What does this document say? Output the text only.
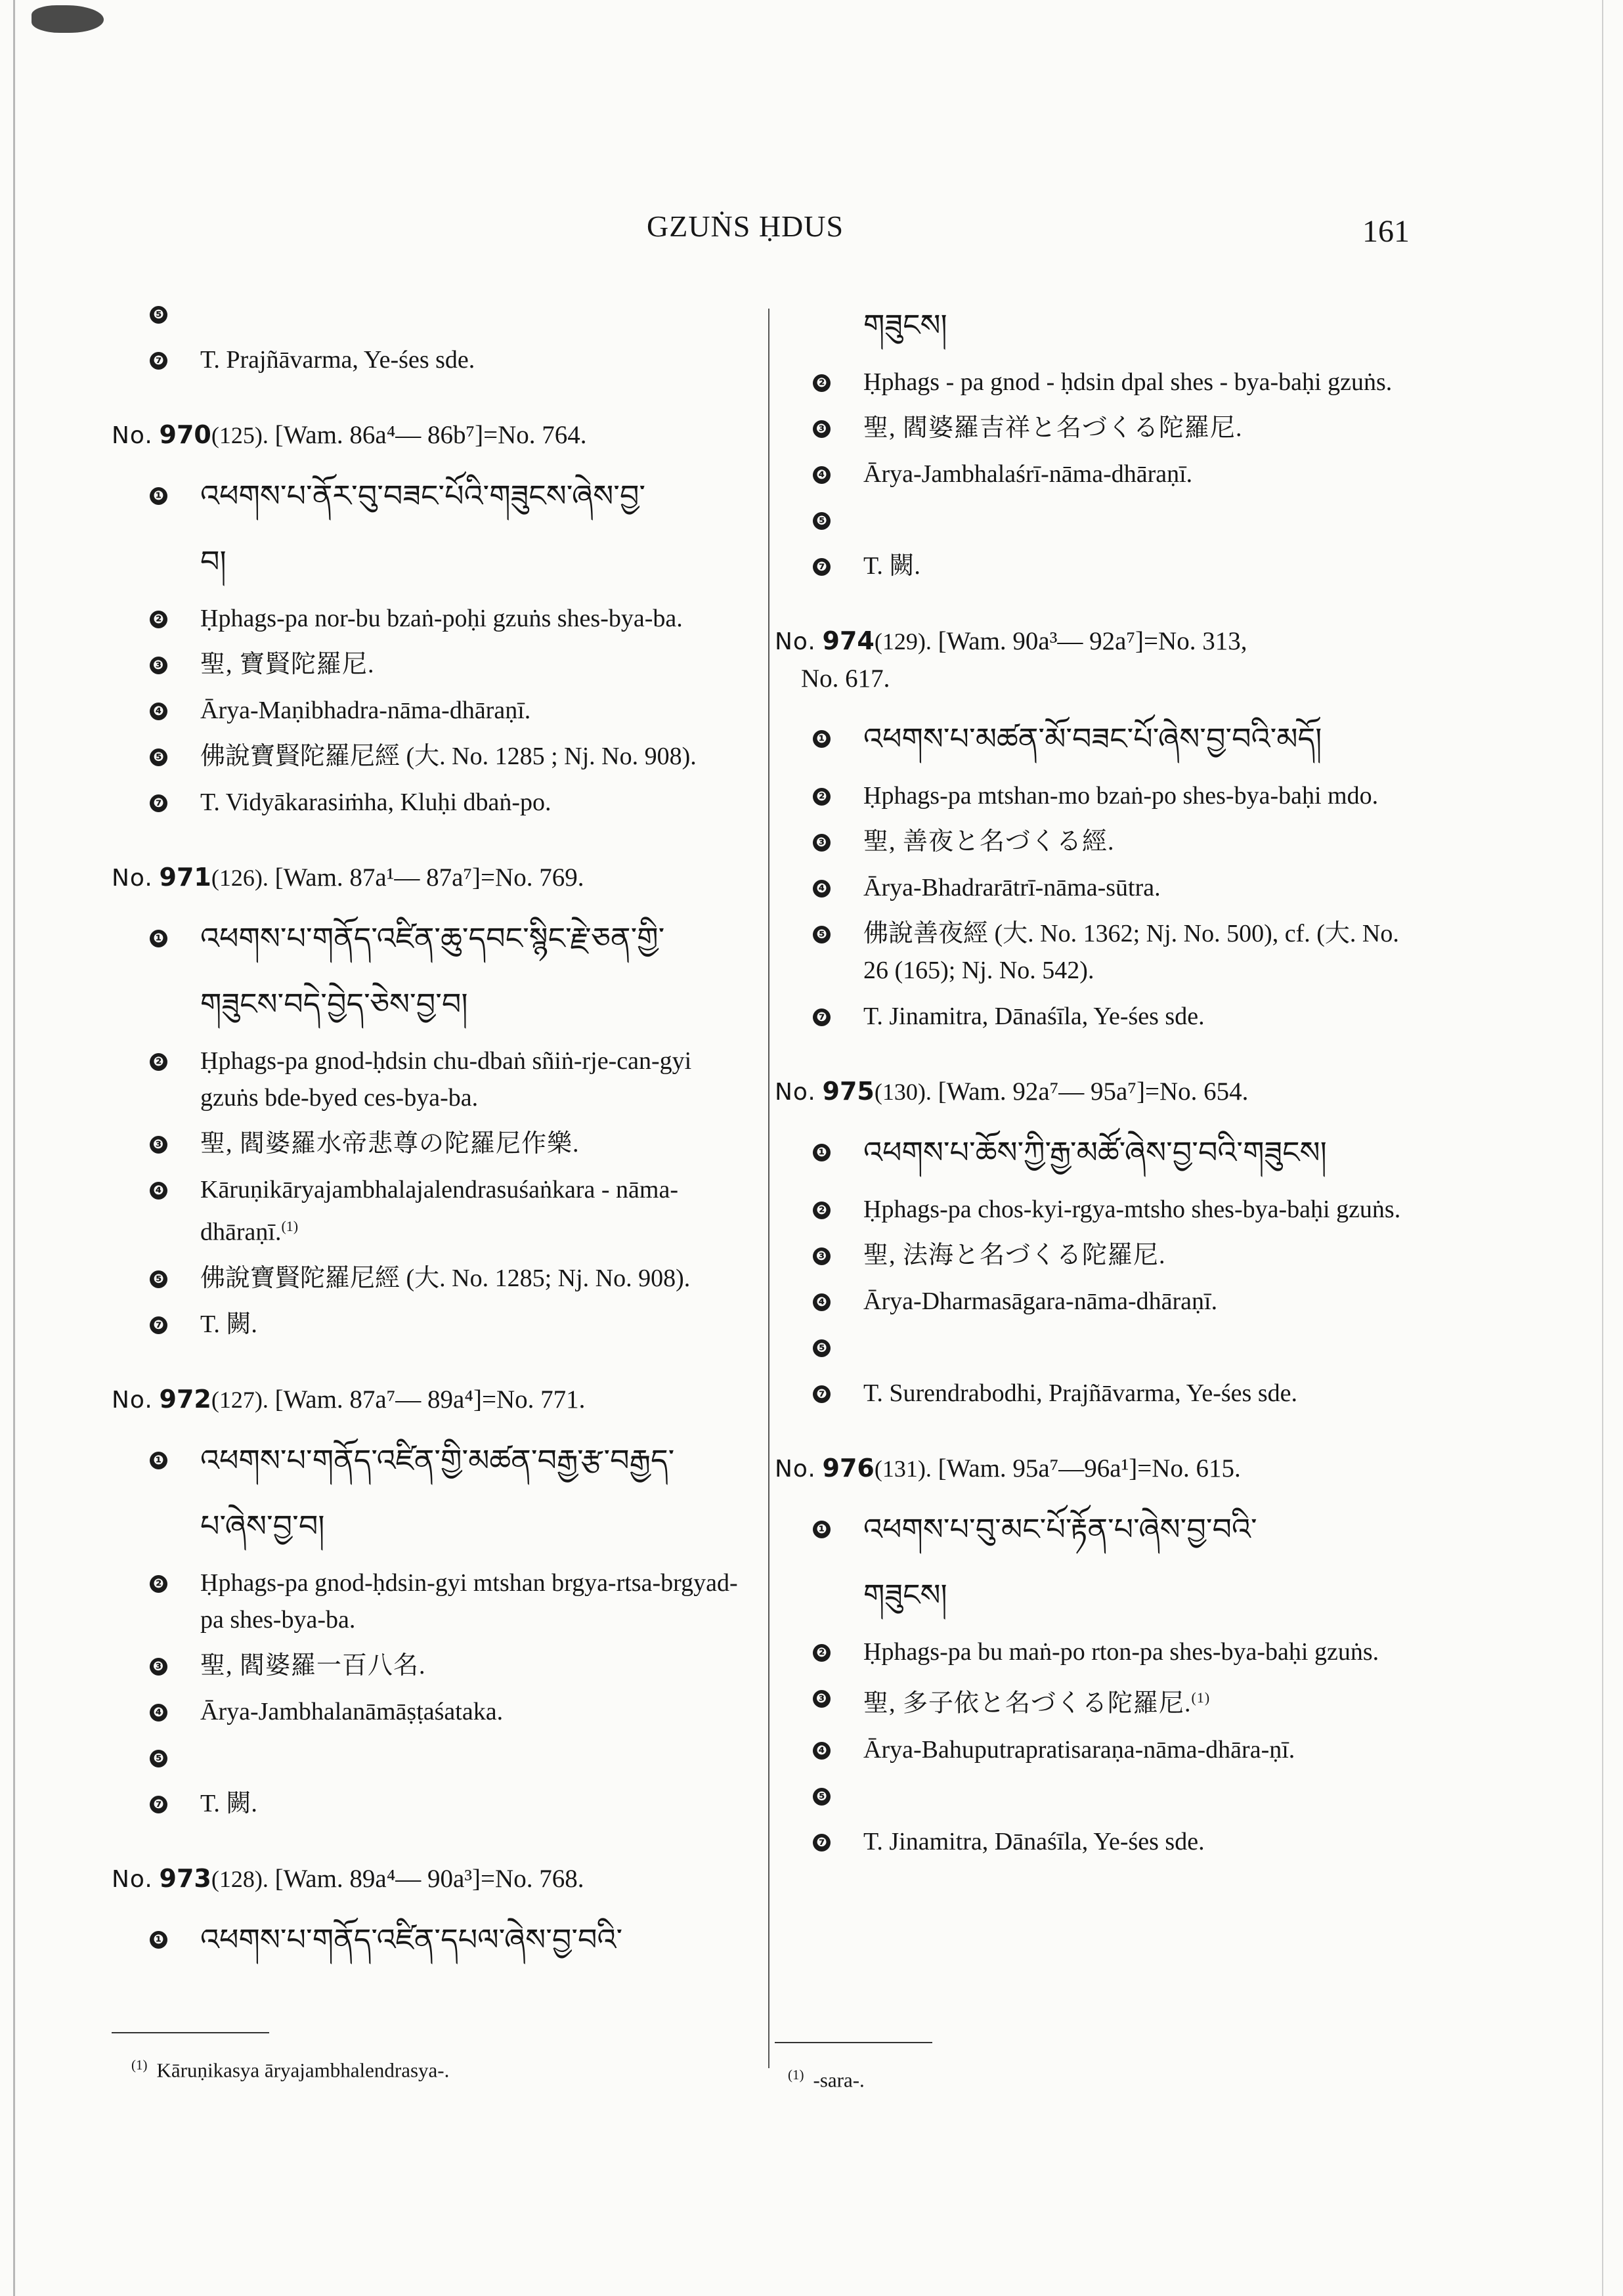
GZUṄS ḤDUS	161
❺

❼ T. Prajñāvarma, Ye-śes sde.
No. 970(125). [Wam. 86a⁴— 86b⁷]=No. 764.
❶ འཕགས་པ་ནོར་བུ་བཟང་པོའི་གཟུངས་ཞེས་བྱ་
བ།
❷ Ḥphags-pa nor-bu bzaṅ-poḥi gzuṅs shes-bya-ba.
❸ 聖, 寶賢陀羅尼.
❹ Ārya-Maṇibhadra-nāma-dhāraṇī.
❺ 佛說寶賢陀羅尼經 (大. No. 1285 ; Nj. No. 908).
❼ T. Vidyākarasiṁha, Kluḥi dbaṅ-po.
No. 971(126). [Wam. 87a¹— 87a⁷]=No. 769.
❶ འཕགས་པ་གནོད་འཛིན་ཆུ་དབང་སྙིང་རྗེ་ཅན་གྱི་
གཟུངས་བདེ་བྱེད་ཅེས་བྱ་བ།
❷ Ḥphags-pa gnod-ḥdsin chu-dbaṅ sñiṅ-rje-can-gyi gzuṅs bde-byed ces-bya-ba.
❸ 聖, 閻婆羅水帝悲尊の陀羅尼作樂.
❹ Kāruṇikāryajambhalajalendrasuśaṅkara - nāma-dhāraṇī.$^{(1)}$
❺ 佛說寶賢陀羅尼經 (大. No. 1285; Nj. No. 908).
❼ T. 闕.
No. 972(127). [Wam. 87a⁷— 89a⁴]=No. 771.
❶ འཕགས་པ་གནོད་འཛིན་གྱི་མཚན་བརྒྱ་རྩ་བརྒྱད་
པ་ཞེས་བྱ་བ།
❷ Ḥphags-pa gnod-ḥdsin-gyi mtshan brgya-rtsa-brgyad-pa shes-bya-ba.
❸ 聖, 閻婆羅一百八名.
❹ Ārya-Jambhalanāmāṣṭaśataka.
❺

❼ T. 闕.
No. 973(128). [Wam. 89a⁴— 90a³]=No. 768.
❶ འཕགས་པ་གནོད་འཛིན་དཔལ་ཞེས་བྱ་བའི་
$^{(1)}$ Kāruṇikasya āryajambhalendrasya-.
གཟུངས།
❷ Ḥphags - pa gnod - ḥdsin dpal shes - bya-baḥi gzuṅs.
❸ 聖, 閻婆羅吉祥と名づくる陀羅尼.
❹ Ārya-Jambhalaśrī-nāma-dhāraṇī.
❺

❼ T. 闕.
No. 974(129). [Wam. 90a³— 92a⁷]=No. 313,
No. 617.
❶ འཕགས་པ་མཚན་མོ་བཟང་པོ་ཞེས་བྱ་བའི་མདོ།
❷ Ḥphags-pa mtshan-mo bzaṅ-po shes-bya-baḥi mdo.
❸ 聖, 善夜と名づくる經.
❹ Ārya-Bhadrarātrī-nāma-sūtra.
❺ 佛說善夜經 (大. No. 1362; Nj. No. 500), cf. (大. No. 26 (165); Nj. No. 542).
❼ T. Jinamitra, Dānaśīla, Ye-śes sde.
No. 975(130). [Wam. 92a⁷— 95a⁷]=No. 654.
❶ འཕགས་པ་ཆོས་ཀྱི་རྒྱ་མཚོ་ཞེས་བྱ་བའི་གཟུངས།
❷ Ḥphags-pa chos-kyi-rgya-mtsho shes-bya-baḥi gzuṅs.
❸ 聖, 法海と名づくる陀羅尼.
❹ Ārya-Dharmasāgara-nāma-dhāraṇī.
❺

❼ T. Surendrabodhi, Prajñāvarma, Ye-śes sde.
No. 976(131). [Wam. 95a⁷—96a¹]=No. 615.
❶ འཕགས་པ་བུ་མང་པོ་རྟོན་པ་ཞེས་བྱ་བའི་
གཟུངས།
❷ Ḥphags-pa bu maṅ-po rton-pa shes-bya-baḥi gzuṅs.
❸ 聖, 多子依と名づくる陀羅尼.$^{(1)}$
❹ Ārya-Bahuputrapratisaraṇa-nāma-dhāra-ṇī.
❺

❼ T. Jinamitra, Dānaśīla, Ye-śes sde.
$^{(1)}$ -sara-.
